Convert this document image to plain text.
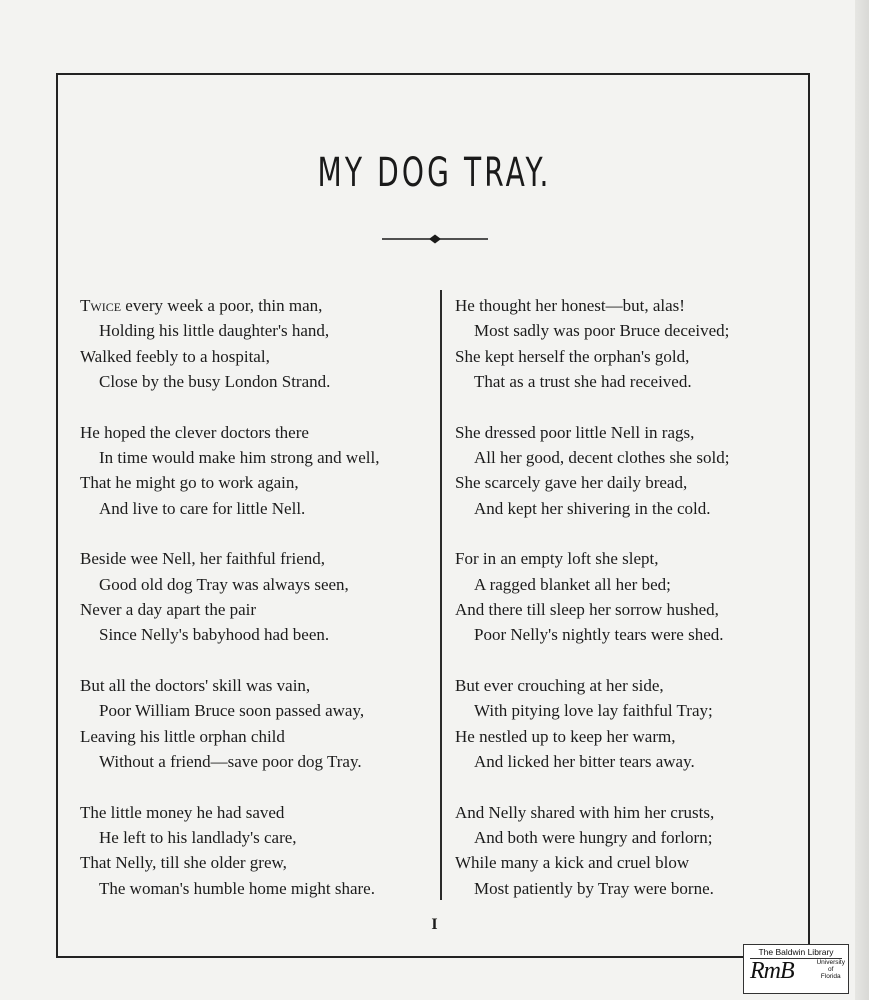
MY DOG TRAY.
Twice every week a poor, thin man,
Holding his little daughter's hand,
Walked feebly to a hospital,
Close by the busy London Strand.
He hoped the clever doctors there
In time would make him strong and well,
That he might go to work again,
And live to care for little Nell.
Beside wee Nell, her faithful friend,
Good old dog Tray was always seen,
Never a day apart the pair
Since Nelly's babyhood had been.
But all the doctors' skill was vain,
Poor William Bruce soon passed away,
Leaving his little orphan child
Without a friend—save poor dog Tray.
The little money he had saved
He left to his landlady's care,
That Nelly, till she older grew,
The woman's humble home might share.
He thought her honest—but, alas!
Most sadly was poor Bruce deceived;
She kept herself the orphan's gold,
That as a trust she had received.
She dressed poor little Nell in rags,
All her good, decent clothes she sold;
She scarcely gave her daily bread,
And kept her shivering in the cold.
For in an empty loft she slept,
A ragged blanket all her bed;
And there till sleep her sorrow hushed,
Poor Nelly's nightly tears were shed.
But ever crouching at her side,
With pitying love lay faithful Tray;
He nestled up to keep her warm,
And licked her bitter tears away.
And Nelly shared with him her crusts,
And both were hungry and forlorn;
While many a kick and cruel blow
Most patiently by Tray were borne.
I
The Baldwin Library
RmB	University
of
Florida
